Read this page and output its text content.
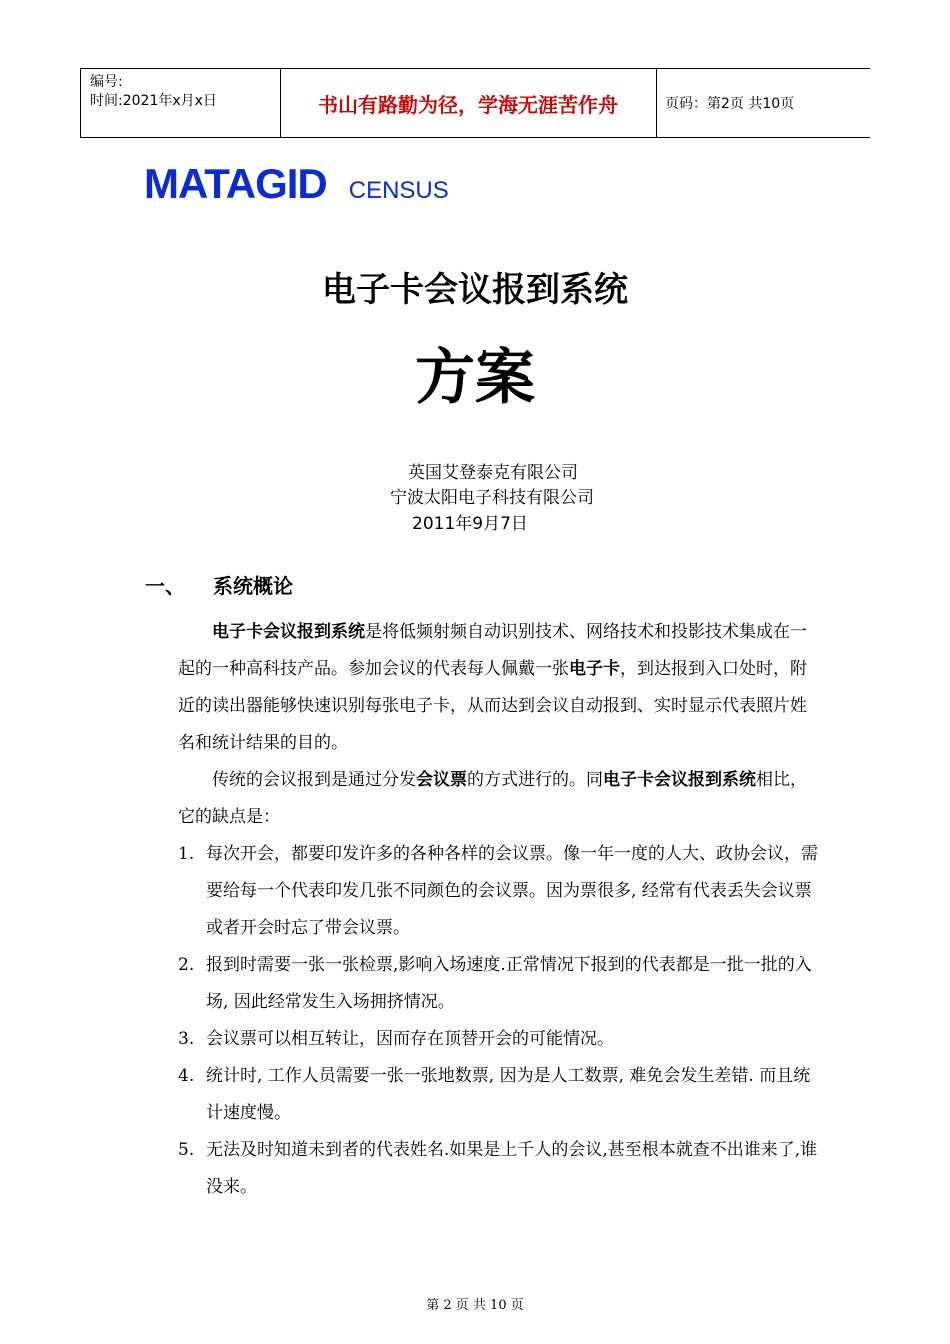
编号:
时间:2021年x月x日	书山有路勤为径，学海无涯苦作舟	页码：第2页 共10页
MATAGID CENSUS
电子卡会议报到系统
方案
英国艾登泰克有限公司
宁波太阳电子科技有限公司
2011年9月7日
一、 系统概论

电子卡会议报到系统是将低频射频自动识别技术、网络技术和投影技术集成在一起的一种高科技产品。参加会议的代表每人佩戴一张电子卡，到达报到入口处时，附近的读出器能够快速识别每张电子卡，从而达到会议自动报到、实时显示代表照片姓名和统计结果的目的。

传统的会议报到是通过分发会议票的方式进行的。同电子卡会议报到系统相比，它的缺点是：

1. 每次开会，都要印发许多的各种各样的会议票。像一年一度的人大、政协会议，需要给每一个代表印发几张不同颜色的会议票。因为票很多, 经常有代表丢失会议票或者开会时忘了带会议票。

2. 报到时需要一张一张检票,影响入场速度.正常情况下报到的代表都是一批一批的入场, 因此经常发生入场拥挤情况。

3. 会议票可以相互转让，因而存在顶替开会的可能情况。

4. 统计时, 工作人员需要一张一张地数票, 因为是人工数票, 难免会发生差错. 而且统计速度慢。

5. 无法及时知道未到者的代表姓名.如果是上千人的会议,甚至根本就查不出谁来了,谁没来。

第 2 页 共 10 页
